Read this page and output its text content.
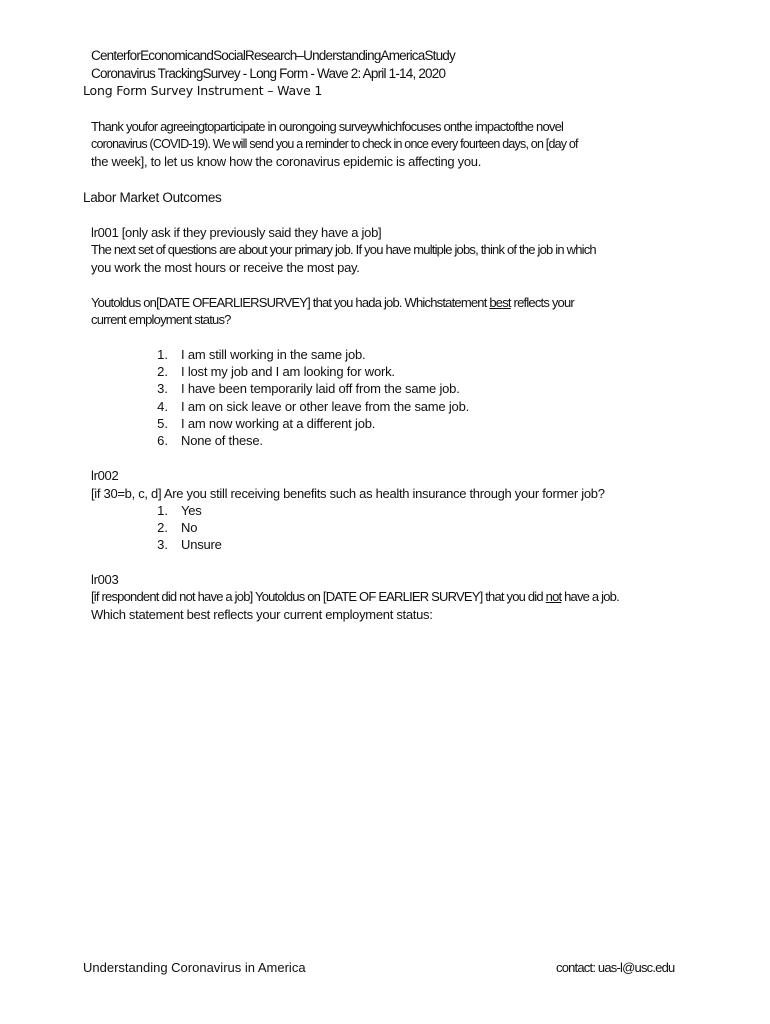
CenterforEconomicandSocialResearch–UnderstandingAmericaStudy
Coronavirus TrackingSurvey - Long Form - Wave 2: April 1-14, 2020
Long Form Survey Instrument – Wave 1
Thank youfor agreeingtoparticipate in ourongoing surveywhichfocuses onthe impactofthe novel
coronavirus (COVID-19). We will send you a reminder to check in once every fourteen days, on [day of
the week], to let us know how the coronavirus epidemic is affecting you.
Labor Market Outcomes
lr001 [only ask if they previously said they have a job]
The next set of questions are about your primary job. If you have multiple jobs, think of the job in which
you work the most hours or receive the most pay.
Youtoldus on[DATE OFEARLIERSURVEY] that you hada job. Whichstatement best reflects your
current employment status?
1. I am still working in the same job.
2. I lost my job and I am looking for work.
3. I have been temporarily laid off from the same job.
4. I am on sick leave or other leave from the same job.
5. I am now working at a different job.
6. None of these.
lr002
[if 30=b, c, d] Are you still receiving benefits such as health insurance through your former job?
1. Yes
2. No
3. Unsure
lr003
[if respondent did not have a job] Youtoldus on [DATE OF EARLIER SURVEY] that you did not have a job.
Which statement best reflects your current employment status:
Understanding Coronavirus in America	contact: uas-l@usc.edu
